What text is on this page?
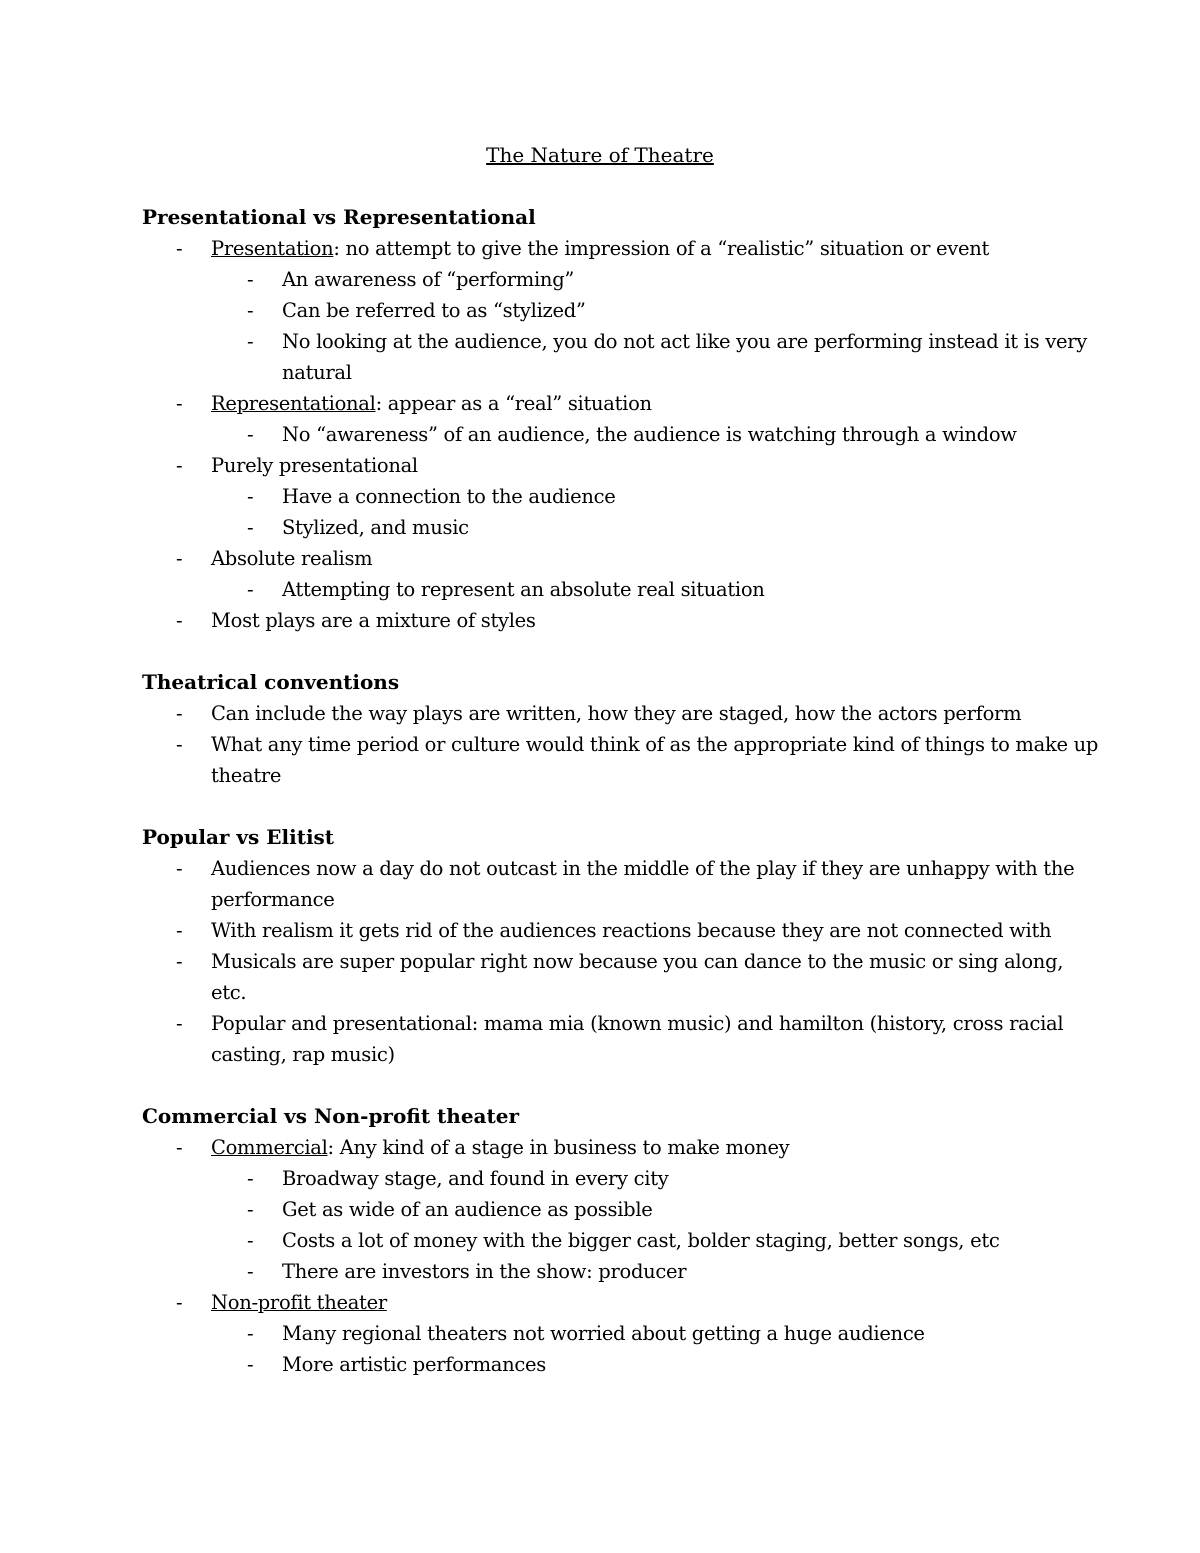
The Nature of Theatre
Presentational vs Representational
- Presentation: no attempt to give the impression of a “realistic” situation or event
- An awareness of “performing”
- Can be referred to as “stylized”
- No looking at the audience, you do not act like you are performing instead it is very natural
- Representational: appear as a “real” situation
- No “awareness” of an audience, the audience is watching through a window
- Purely presentational
- Have a connection to the audience
- Stylized, and music
- Absolute realism
- Attempting to represent an absolute real situation
- Most plays are a mixture of styles
Theatrical conventions
- Can include the way plays are written, how they are staged, how the actors perform
- What any time period or culture would think of as the appropriate kind of things to make up theatre
Popular vs Elitist
- Audiences now a day do not outcast in the middle of the play if they are unhappy with the performance
- With realism it gets rid of the audiences reactions because they are not connected with
- Musicals are super popular right now because you can dance to the music or sing along, etc.
- Popular and presentational: mama mia (known music) and hamilton (history, cross racial casting, rap music)
Commercial vs Non-profit theater
- Commercial: Any kind of a stage in business to make money
- Broadway stage, and found in every city
- Get as wide of an audience as possible
- Costs a lot of money with the bigger cast, bolder staging, better songs, etc
- There are investors in the show: producer
- Non-profit theater
- Many regional theaters not worried about getting a huge audience
- More artistic performances
